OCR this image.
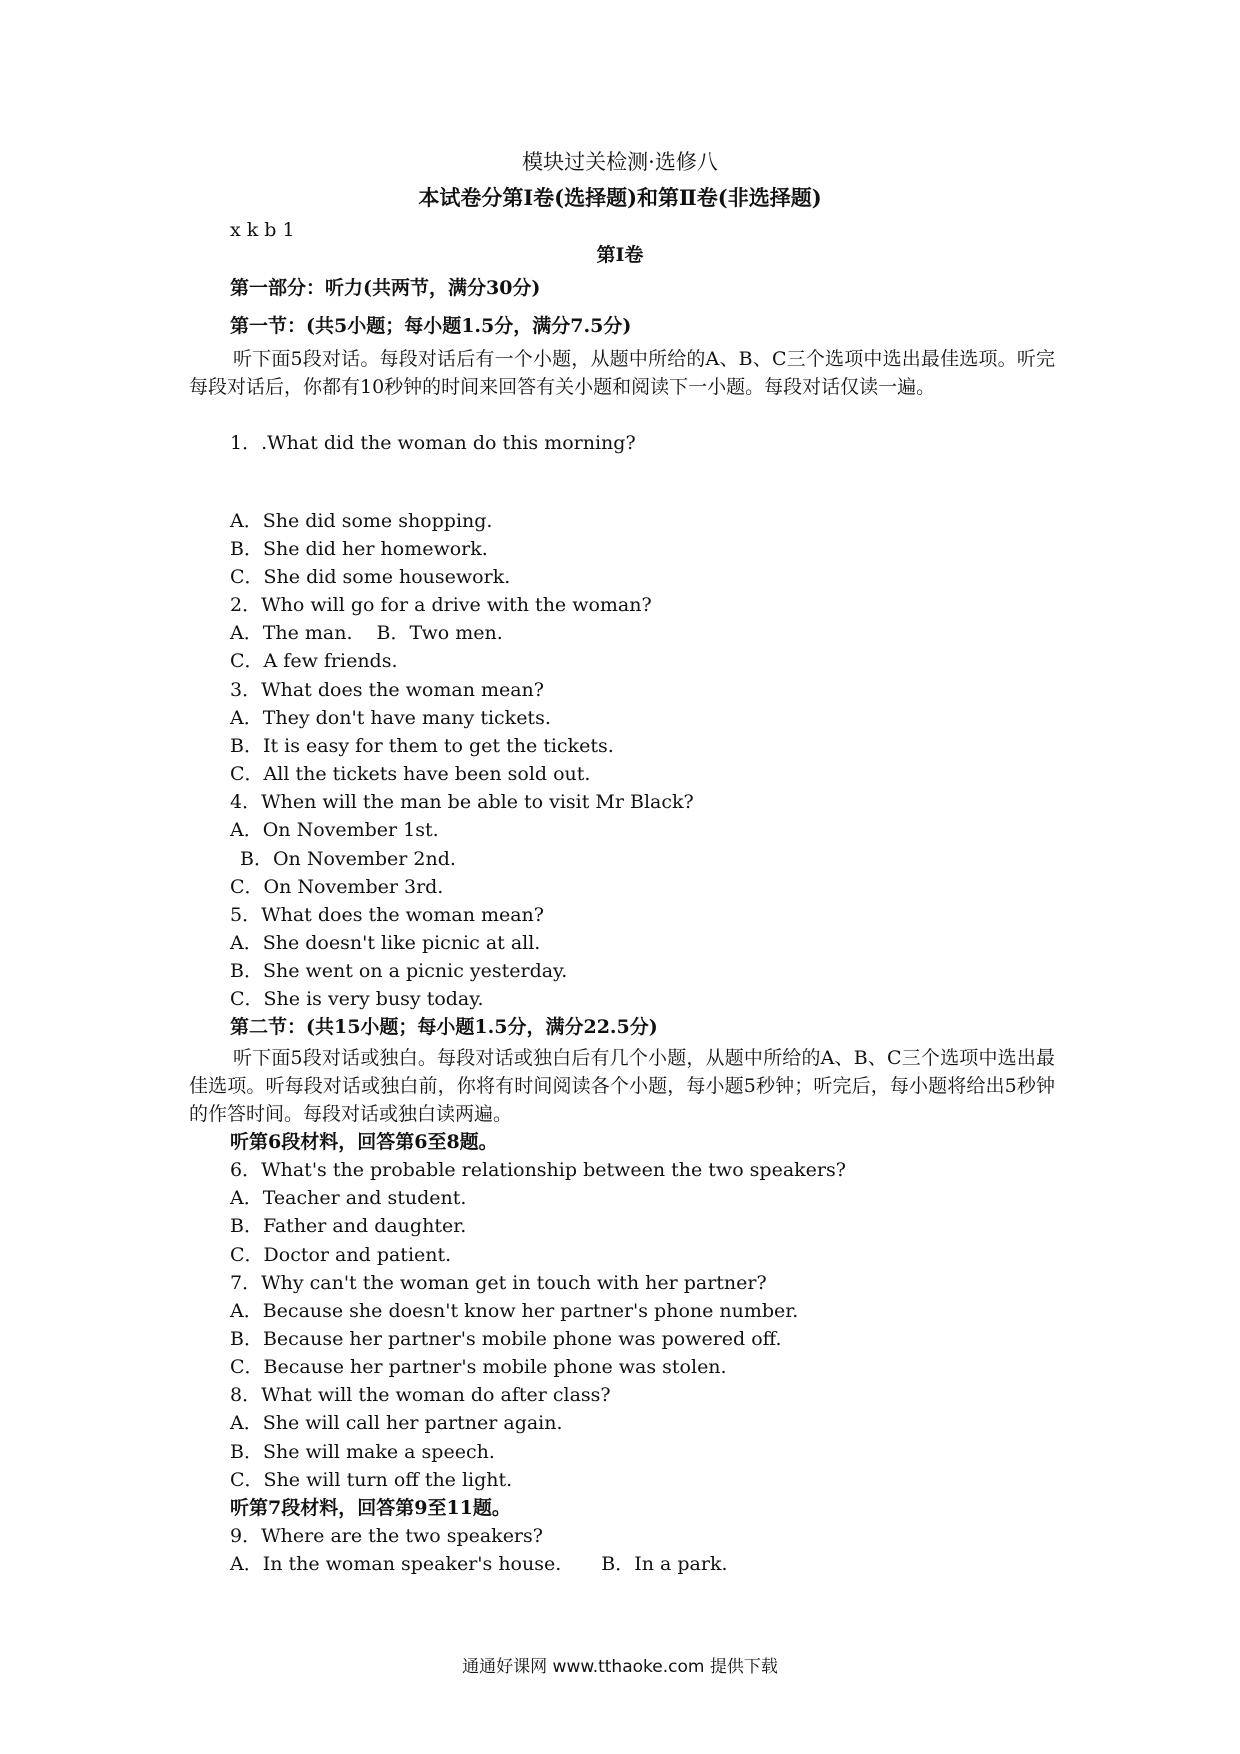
模块过关检测·选修八
本试卷分第Ⅰ卷(选择题)和第Ⅱ卷(非选择题)
x k b 1
第Ⅰ卷
第一部分：听力(共两节，满分30分)
第一节：(共5小题；每小题1.5分，满分7.5分)
听下面5段对话。每段对话后有一个小题，从题中所给的A、B、C三个选项中选出最佳选项。听完每段对话后，你都有10秒钟的时间来回答有关小题和阅读下一小题。每段对话仅读一遍。
1．.What did the woman do this morning?
A．She did some shopping.
B．She did her homework.
C．She did some housework.
2．Who will go for a drive with the woman?
A．The man. B．Two men.
C．A few friends.
3．What does the woman mean?
A．They don't have many tickets.
B．It is easy for them to get the tickets.
C．All the tickets have been sold out.
4．When will the man be able to visit Mr Black?
A．On November 1st.
B．On November 2nd.
C．On November 3rd.
5．What does the woman mean?
A．She doesn't like picnic at all.
B．She went on a picnic yesterday.
C．She is very busy today.
第二节：(共15小题；每小题1.5分，满分22.5分)
听下面5段对话或独白。每段对话或独白后有几个小题，从题中所给的A、B、C三个选项中选出最佳选项。听每段对话或独白前，你将有时间阅读各个小题，每小题5秒钟；听完后，每小题将给出5秒钟的作答时间。每段对话或独白读两遍。
听第6段材料，回答第6至8题。
6．What's the probable relationship between the two speakers?
A．Teacher and student.
B．Father and daughter.
C．Doctor and patient.
7．Why can't the woman get in touch with her partner?
A．Because she doesn't know her partner's phone number.
B．Because her partner's mobile phone was powered off.
C．Because her partner's mobile phone was stolen.
8．What will the woman do after class?
A．She will call her partner again.
B．She will make a speech.
C．She will turn off the light.
听第7段材料，回答第9至11题。
9．Where are the two speakers?
A．In the woman speaker's house. B．In a park.
通通好课网 www.tthaoke.com 提供下载
